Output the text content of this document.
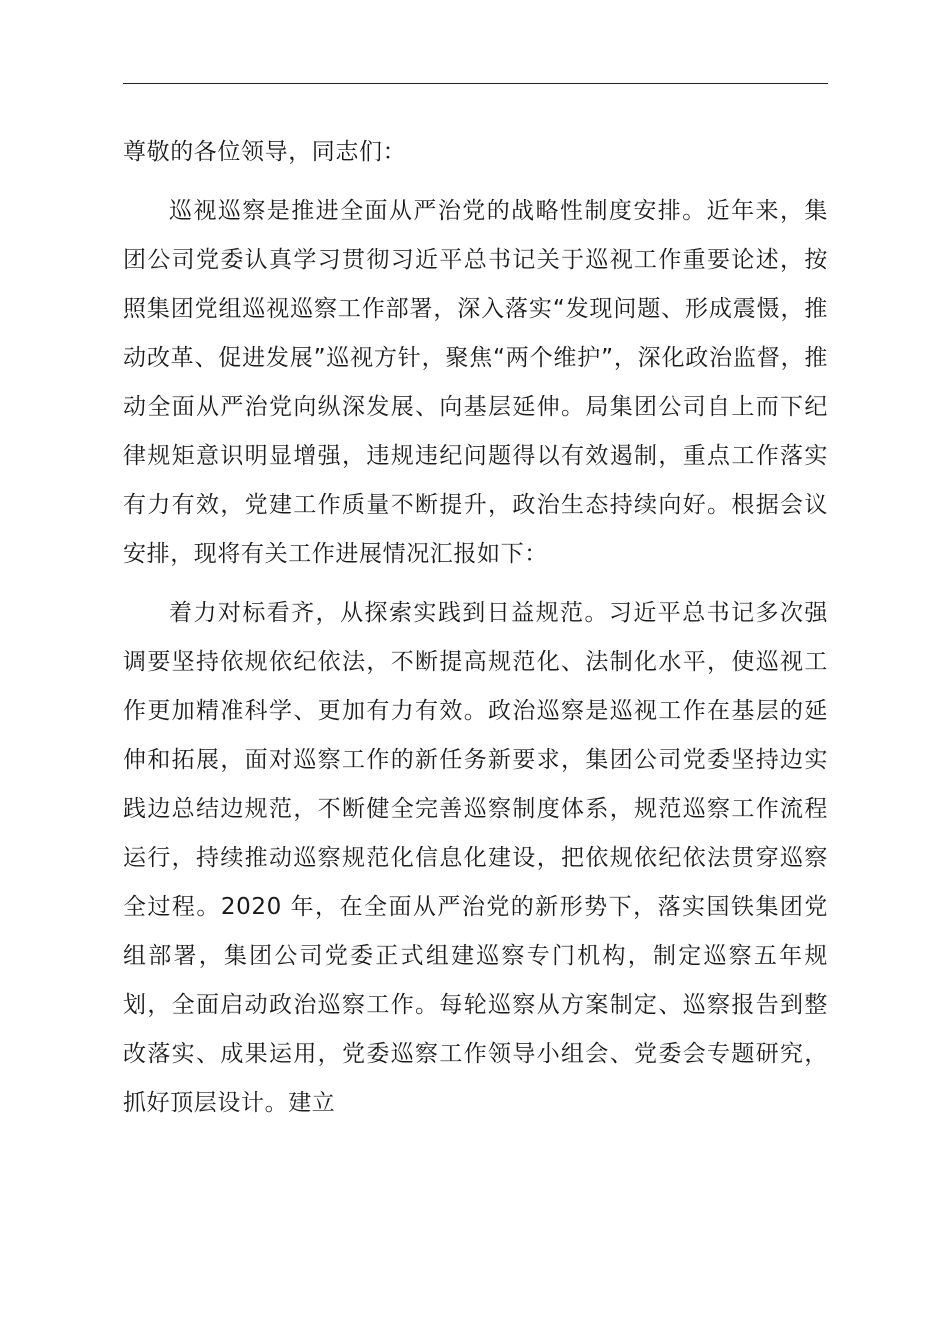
尊敬的各位领导，同志们：

巡视巡察是推进全面从严治党的战略性制度安排。近年来，集团公司党委认真学习贯彻习近平总书记关于巡视工作重要论述，按照集团党组巡视巡察工作部署，深入落实“发现问题、形成震慑，推动改革、促进发展”巡视方针，聚焦“两个维护”，深化政治监督，推动全面从严治党向纵深发展、向基层延伸。局集团公司自上而下纪律规矩意识明显增强，违规违纪问题得以有效遏制，重点工作落实有力有效，党建工作质量不断提升，政治生态持续向好。根据会议安排，现将有关工作进展情况汇报如下：

着力对标看齐，从探索实践到日益规范。习近平总书记多次强调要坚持依规依纪依法，不断提高规范化、法制化水平，使巡视工作更加精准科学、更加有力有效。政治巡察是巡视工作在基层的延伸和拓展，面对巡察工作的新任务新要求，集团公司党委坚持边实践边总结边规范，不断健全完善巡察制度体系，规范巡察工作流程运行，持续推动巡察规范化信息化建设，把依规依纪依法贯穿巡察全过程。2020 年，在全面从严治党的新形势下，落实国铁集团党组部署，集团公司党委正式组建巡察专门机构，制定巡察五年规划，全面启动政治巡察工作。每轮巡察从方案制定、巡察报告到整改落实、成果运用，党委巡察工作领导小组会、党委会专题研究，抓好顶层设计。建立
